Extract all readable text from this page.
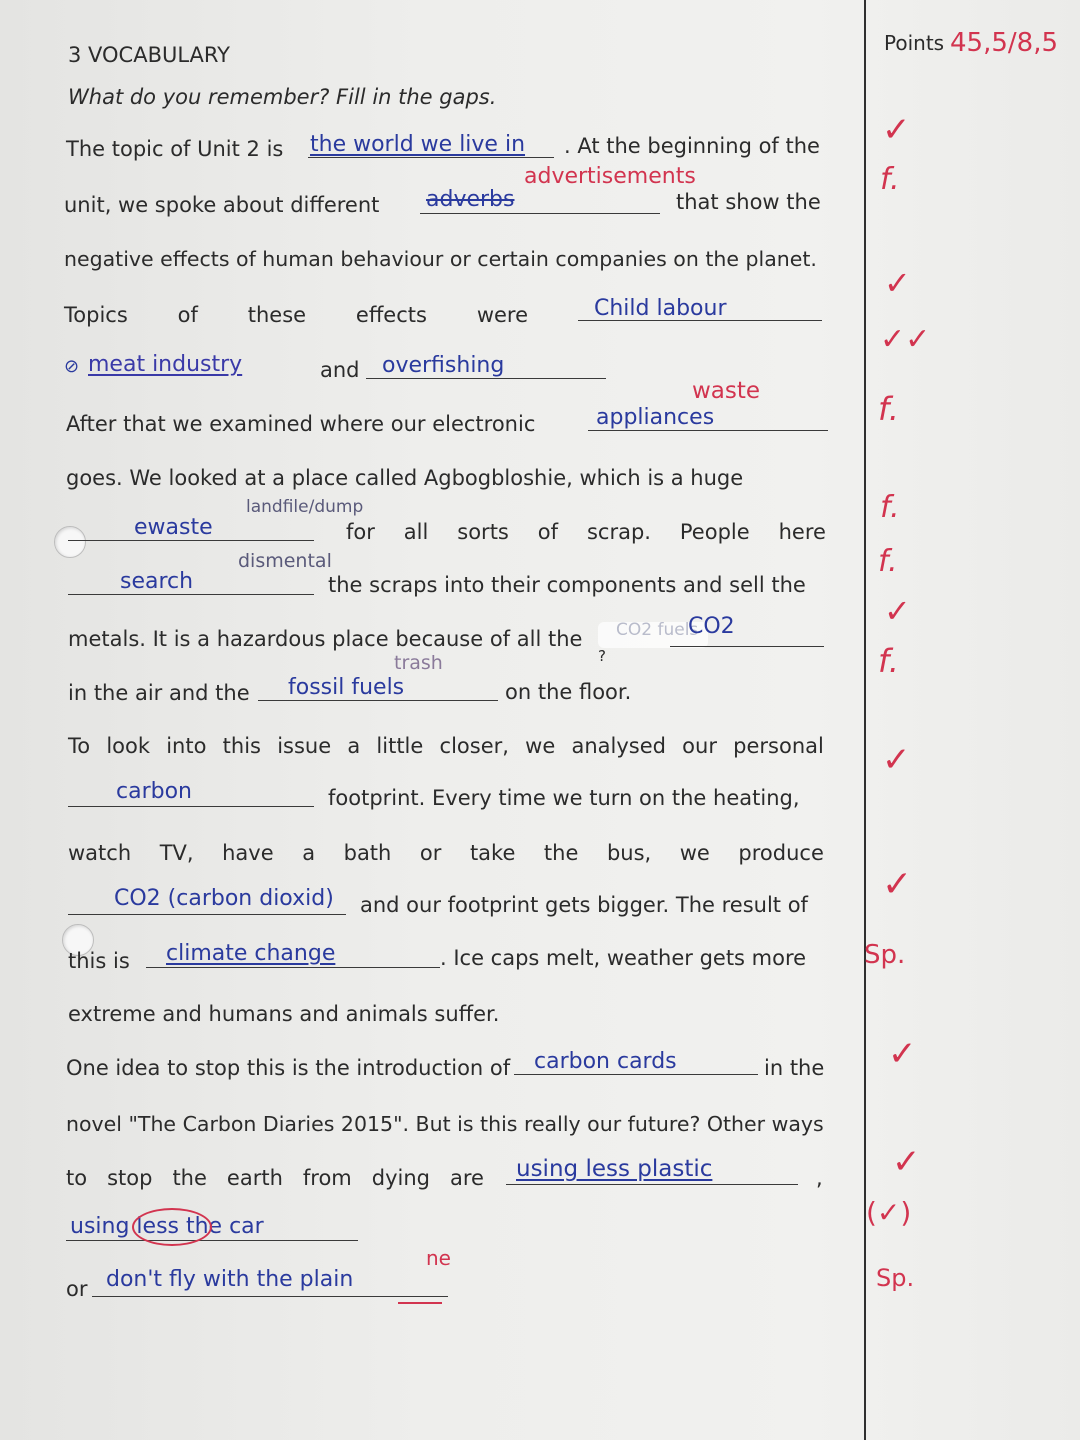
3 VOCABULARY
What do you remember? Fill in the gaps.
Points 45,5/8,5
The topic of Unit 2 is the world we live in . At the beginning of the
unit, we spoke about different adverbs
advertisements
that show the
negative effects of human behaviour or certain companies on the planet.
Topics of these effects were	Child labour
⊘ meat industry	and overfishing
After that we examined where our electronic	appliances
waste
goes. We looked at a place called Agbogbloshie, which is a huge
ewaste
landfile/dump
for all sorts of scrap. People here
dismental
search	the scraps into their components and sell the
metals. It is a hazardous place because of all the CO2 fuels
CO2
trash	?
in the air and the fossil fuels	on the floor.
To look into this issue a little closer, we analysed our personal
carbon	footprint. Every time we turn on the heating,
watch TV, have a bath or take the bus, we produce
CO2 (carbon dioxid) and our footprint gets bigger. The result of
this is climate change	. Ice caps melt, weather gets more
extreme and humans and animals suffer.
One idea to stop this is the introduction of carbon cards	in the
novel "The Carbon Diaries 2015". But is this really our future? Other ways
to stop the earth from dying are using less plastic	,
using less the car
or don't fly with the plain
ne
✓
f.
✓
✓✓
f.
f.
f.
✓
f.
✓
✓
Sp.
✓
✓
(✓)
Sp.
